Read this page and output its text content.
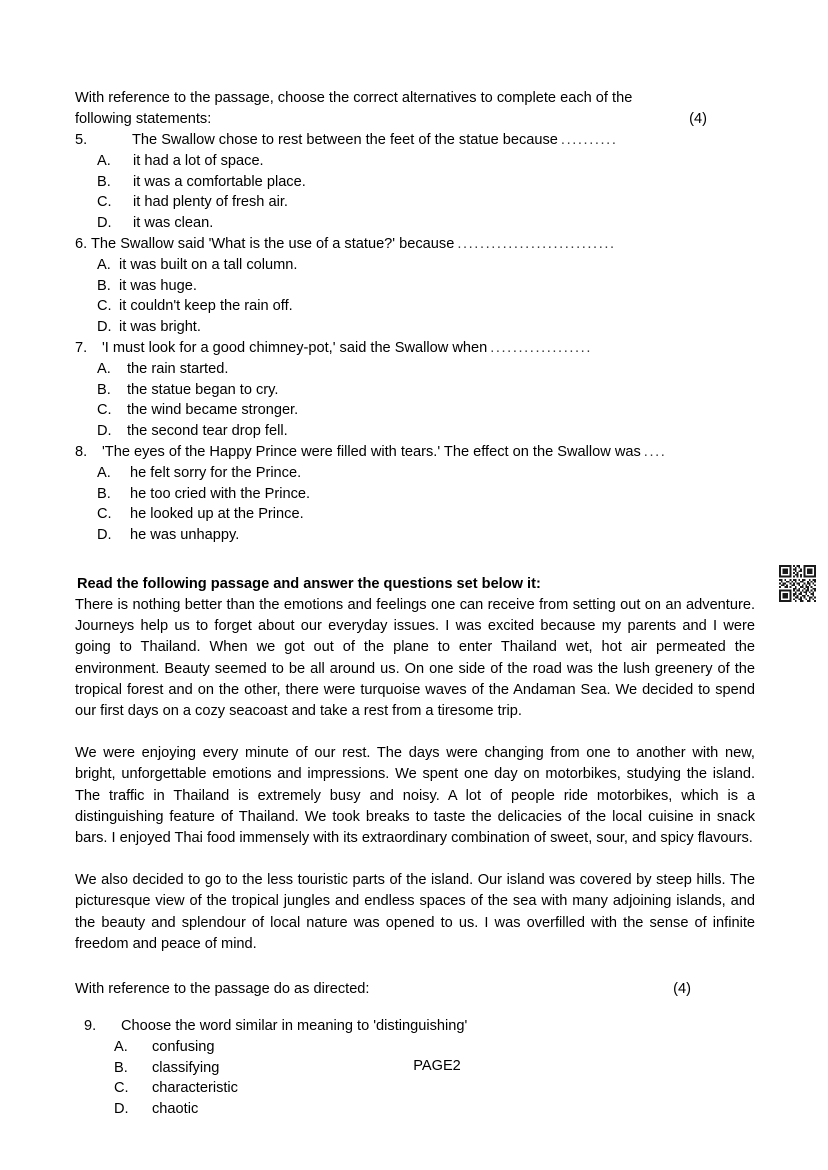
With reference to the passage, choose the correct alternatives to complete each of the

following statements:	(4)

5.	The Swallow chose to rest between the feet of the statue because ..........
A.	it had a lot of space.
B.	it was a comfortable place.
C.	it had plenty of fresh air.
D.	it was clean.
6. The Swallow said 'What is the use of a statue?' because ............................
A. it was built on a tall column.
B. it was huge.
C. it couldn't keep the rain off.
D. it was bright.
7.	'I must look for a good chimney-pot,' said the Swallow when ..................
A.	the rain started.
B.	the statue began to cry.
C.	the wind became stronger.
D.	the second tear drop fell.
8.	'The eyes of the Happy Prince were filled with tears.' The effect on the Swallow was ....
A.	he felt sorry for the Prince.
B.	he too cried with the Prince.
C.	he looked up at the Prince.
D.	he was unhappy.

Read the following passage and answer the questions set below it:

There is nothing better than the emotions and feelings one can receive from setting out on an adventure. Journeys help us to forget about our everyday issues. I was excited because my parents and I were going to Thailand. When we got out of the plane to enter Thailand wet, hot air permeated the environment. Beauty seemed to be all around us. On one side of the road was the lush greenery of the tropical forest and on the other, there were turquoise waves of the Andaman Sea. We decided to spend our first days on a cozy seacoast and take a rest from a tiresome trip.

We were enjoying every minute of our rest. The days were changing from one to another with new, bright, unforgettable emotions and impressions. We spent one day on motorbikes, studying the island. The traffic in Thailand is extremely busy and noisy. A lot of people ride motorbikes, which is a distinguishing feature of Thailand. We took breaks to taste the delicacies of the local cuisine in snack bars. I enjoyed Thai food immensely with its extraordinary combination of sweet, sour, and spicy flavours.

We also decided to go to the less touristic parts of the island. Our island was covered by steep hills. The picturesque view of the tropical jungles and endless spaces of the sea with many adjoining islands, and the beauty and splendour of local nature was opened to us. I was overfilled with the sense of infinite freedom and peace of mind.

With reference to the passage do as directed:	(4)

9.	Choose the word similar in meaning to 'distinguishing'
A.	confusing
B.	classifying
C.	characteristic
D.	chaotic
PAGE2
